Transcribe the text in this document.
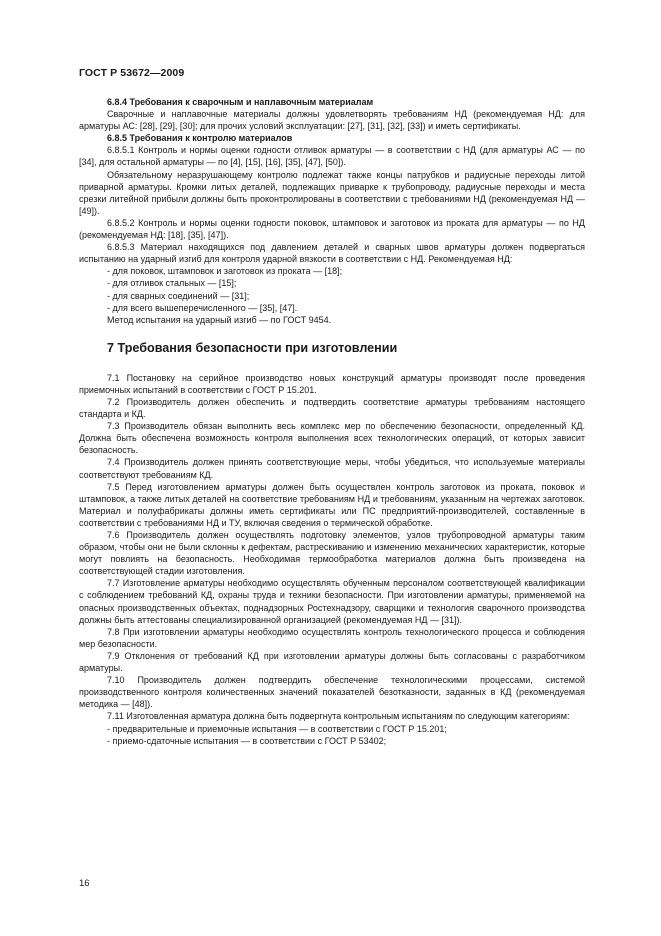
ГОСТ Р 53672—2009

6.8.4 Требования к сварочным и наплавочным материалам

Сварочные и наплавочные материалы должны удовлетворять требованиям НД (рекомендуемая НД: для арматуры АС: [28], [29], [30]; для прочих условий эксплуатации: [27], [31], [32], [33]) и иметь сертификаты.

6.8.5 Требования к контролю материалов

6.8.5.1 Контроль и нормы оценки годности отливок арматуры — в соответствии с НД (для арматуры АС — по [34], для остальной арматуры — по [4], [15], [16], [35], [47], [50]).

Обязательному неразрушающему контролю подлежат также концы патрубков и радиусные переходы литой приварной арматуры. Кромки литых деталей, подлежащих приварке к трубопроводу, радиусные переходы и места срезки литейной прибыли должны быть проконтролированы в соответствии с требованиями НД (рекомендуемая НД — [49]).

6.8.5.2 Контроль и нормы оценки годности поковок, штамповок и заготовок из проката для арматуры — по НД (рекомендуемая НД: [18], [35], [47]).

6.8.5.3 Материал находящихся под давлением деталей и сварных швов арматуры должен подвергаться испытанию на ударный изгиб для контроля ударной вязкости в соответствии с НД. Рекомендуемая НД:

- для поковок, штамповок и заготовок из проката — [18];

- для отливок стальных — [15];

- для сварных соединений — [31];

- для всего вышеперечисленного — [35], [47].

Метод испытания на ударный изгиб — по ГОСТ 9454.

7 Требования безопасности при изготовлении

7.1 Постановку на серийное производство новых конструкций арматуры производят после проведения приемочных испытаний в соответствии с ГОСТ Р 15.201.

7.2 Производитель должен обеспечить и подтвердить соответствие арматуры требованиям настоящего стандарта и КД.

7.3 Производитель обязан выполнить весь комплекс мер по обеспечению безопасности, определенный КД. Должна быть обеспечена возможность контроля выполнения всех технологических операций, от которых зависит безопасность.

7.4 Производитель должен принять соответствующие меры, чтобы убедиться, что используемые материалы соответствуют требованиям КД.

7.5 Перед изготовлением арматуры должен быть осуществлен контроль заготовок из проката, поковок и штамповок, а также литых деталей на соответствие требованиям НД и требованиям, указанным на чертежах заготовок. Материал и полуфабрикаты должны иметь сертификаты или ПС предприятий-производителей, составленные в соответствии с требованиями НД и ТУ, включая сведения о термической обработке.

7.6 Производитель должен осуществлять подготовку элементов, узлов трубопроводной арматуры таким образом, чтобы они не были склонны к дефектам, растрескиванию и изменению механических характеристик, которые могут повлиять на безопасность. Необходимая термообработка материалов должна быть произведена на соответствующей стадии изготовления.

7.7 Изготовление арматуры необходимо осуществлять обученным персоналом соответствующей квалификации с соблюдением требований КД, охраны труда и техники безопасности. При изготовлении арматуры, применяемой на опасных производственных объектах, поднадзорных Ростехнадзору, сварщики и технология сварочного производства должны быть аттестованы специализированной организацией (рекомендуемая НД — [31]).

7.8 При изготовлении арматуры необходимо осуществлять контроль технологического процесса и соблюдения мер безопасности.

7.9 Отклонения от требований КД при изготовлении арматуры должны быть согласованы с разработчиком арматуры.

7.10 Производитель должен подтвердить обеспечение технологическими процессами, системой производственного контроля количественных значений показателей безотказности, заданных в КД (рекомендуемая методика — [48]).

7.11 Изготовленная арматура должна быть подвергнута контрольным испытаниям по следующим категориям:

- предварительные и приемочные испытания — в соответствии с ГОСТ Р 15.201;

- приемо-сдаточные испытания — в соответствии с ГОСТ Р 53402;

16
